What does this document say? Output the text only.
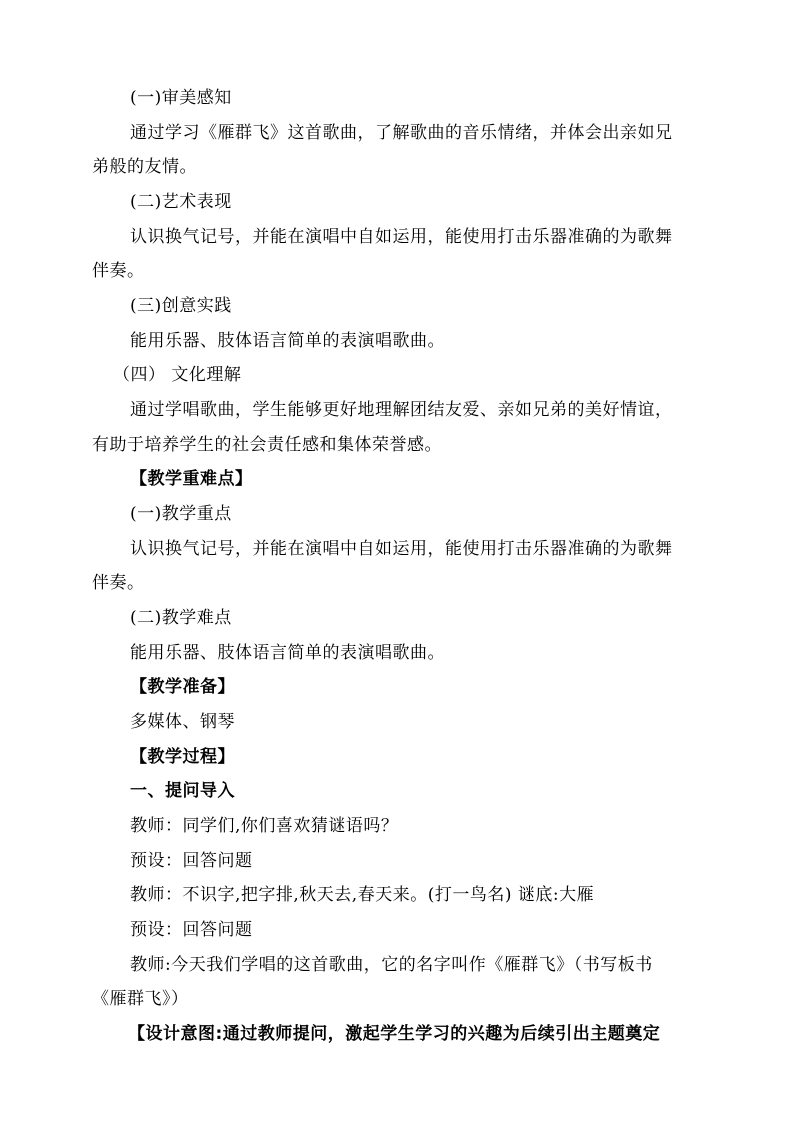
(一)审美感知
通过学习《雁群飞》这首歌曲，了解歌曲的音乐情绪，并体会出亲如兄
弟般的友情。
(二)艺术表现
认识换气记号，并能在演唱中自如运用，能使用打击乐器准确的为歌舞
伴奏。
(三)创意实践
能用乐器、肢体语言简单的表演唱歌曲。
（四） 文化理解
通过学唱歌曲，学生能够更好地理解团结友爱、亲如兄弟的美好情谊，
有助于培养学生的社会责任感和集体荣誉感。
【教学重难点】
(一)教学重点
认识换气记号，并能在演唱中自如运用，能使用打击乐器准确的为歌舞
伴奏。
(二)教学难点
能用乐器、肢体语言简单的表演唱歌曲。
【教学准备】
多媒体、钢琴
【教学过程】
一、提问导入
教师：同学们,你们喜欢猜谜语吗？
预设：回答问题
教师：不识字,把字排,秋天去,春天来。(打一鸟名) 谜底:大雁
预设：回答问题
教师:今天我们学唱的这首歌曲，它的名字叫作《雁群飞》（书写板书
《雁群飞》）
【设计意图:通过教师提问，激起学生学习的兴趣为后续引出主题奠定
